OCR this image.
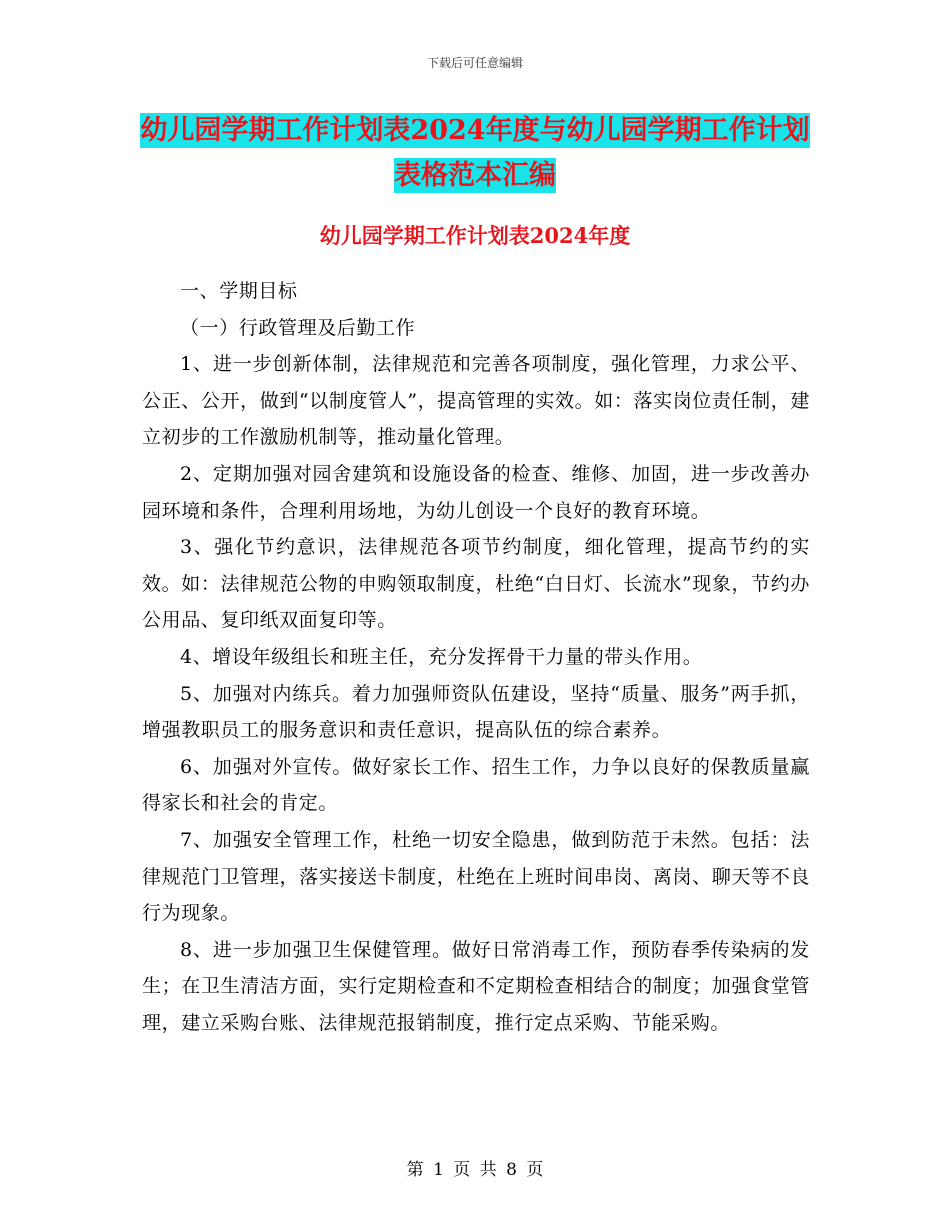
下载后可任意编辑
幼儿园学期工作计划表2024年度与幼儿园学期工作计划表格范本汇编
幼儿园学期工作计划表2024年度

一、学期目标

（一）行政管理及后勤工作

1、进一步创新体制，法律规范和完善各项制度，强化管理，力求公平、公正、公开，做到“以制度管人”，提高管理的实效。如：落实岗位责任制，建立初步的工作激励机制等，推动量化管理。

2、定期加强对园舍建筑和设施设备的检查、维修、加固，进一步改善办园环境和条件，合理利用场地，为幼儿创设一个良好的教育环境。

3、强化节约意识，法律规范各项节约制度，细化管理，提高节约的实效。如：法律规范公物的申购领取制度，杜绝“白日灯、长流水”现象，节约办公用品、复印纸双面复印等。

4、增设年级组长和班主任，充分发挥骨干力量的带头作用。

5、加强对内练兵。着力加强师资队伍建设，坚持“质量、服务”两手抓，增强教职员工的服务意识和责任意识，提高队伍的综合素养。

6、加强对外宣传。做好家长工作、招生工作，力争以良好的保教质量赢得家长和社会的肯定。

7、加强安全管理工作，杜绝一切安全隐患，做到防范于未然。包括：法律规范门卫管理，落实接送卡制度，杜绝在上班时间串岗、离岗、聊天等不良行为现象。

8、进一步加强卫生保健管理。做好日常消毒工作，预防春季传染病的发生；在卫生清洁方面，实行定期检查和不定期检查相结合的制度；加强食堂管理，建立采购台账、法律规范报销制度，推行定点采购、节能采购。

第 1 页 共 8 页
